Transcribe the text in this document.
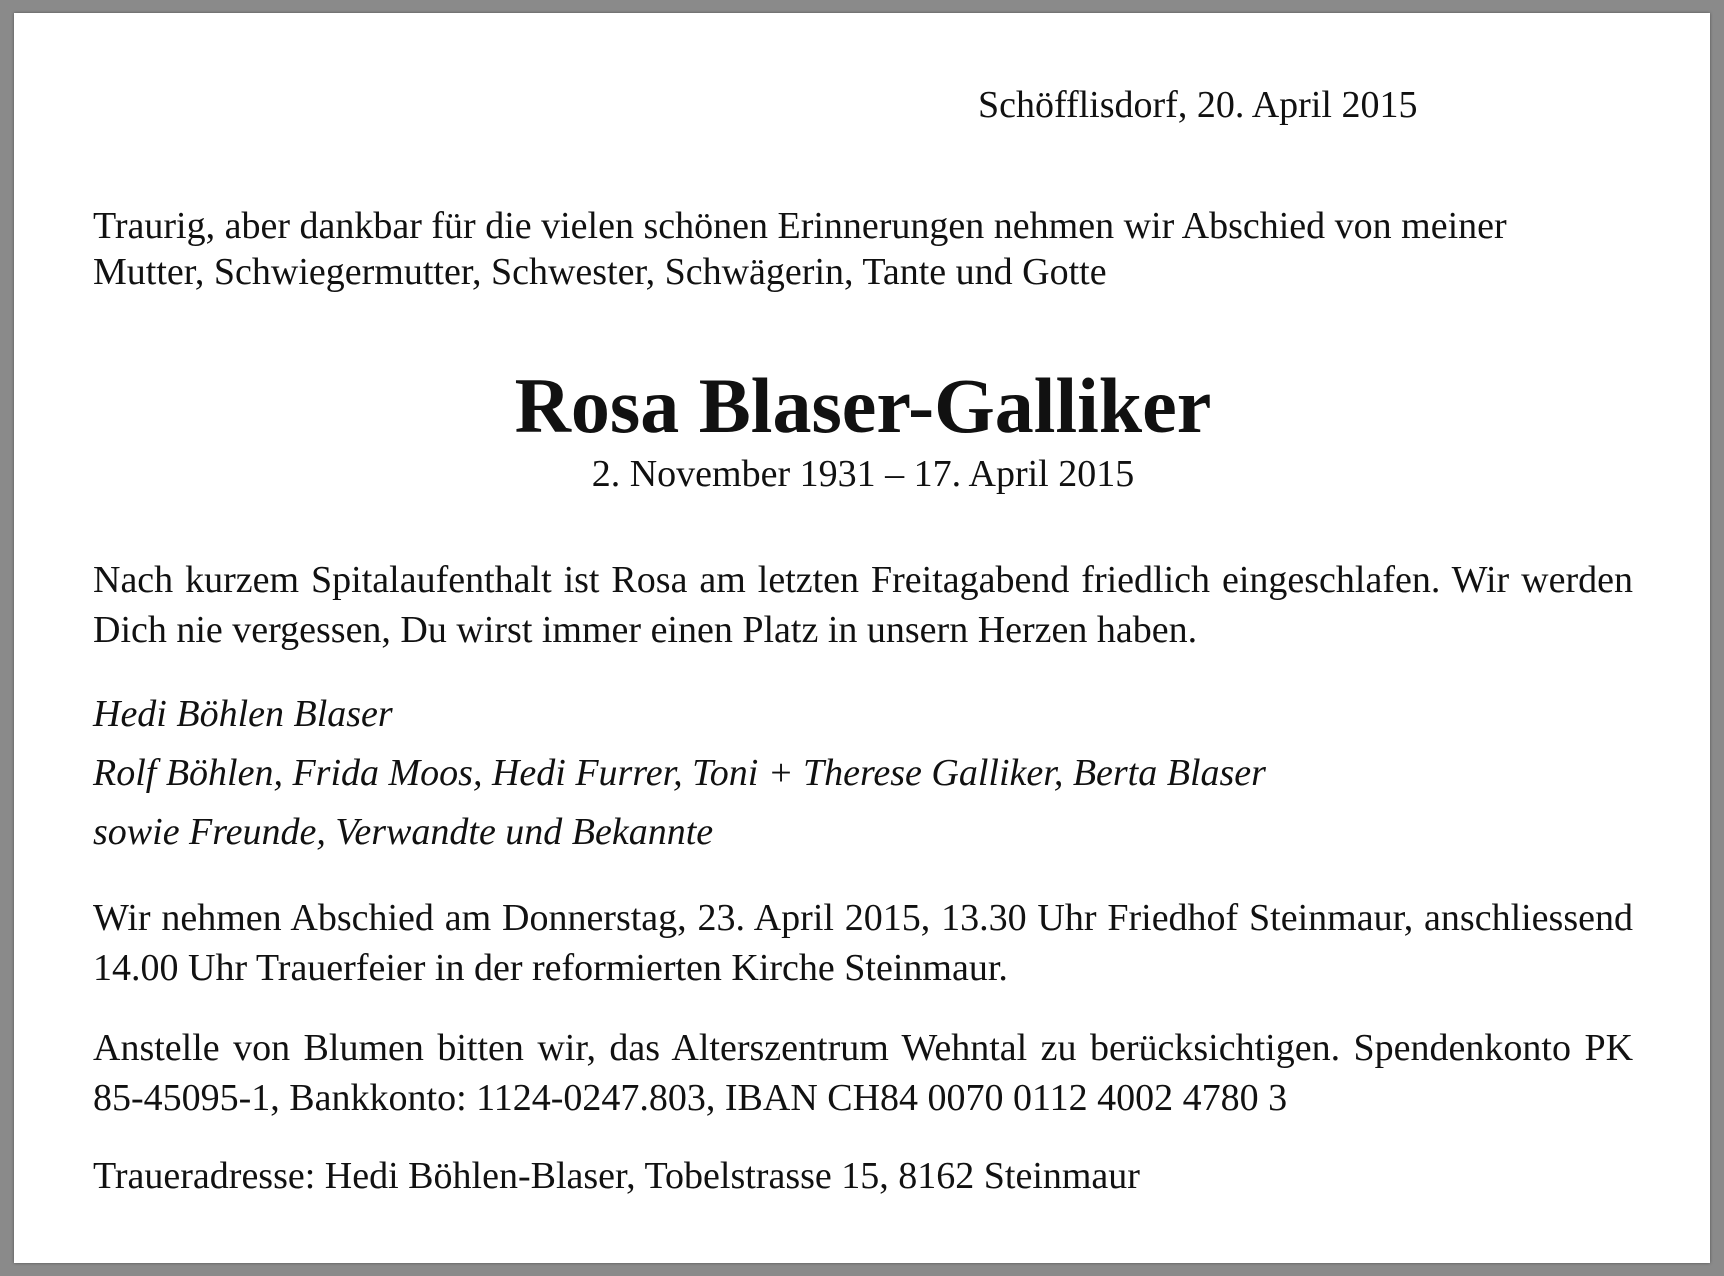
Schöfflisdorf, 20. April 2015
Traurig, aber dankbar für die vielen schönen Erinnerungen nehmen wir Abschied von meiner
Mutter, Schwiegermutter, Schwester, Schwägerin, Tante und Gotte
Rosa Blaser-Galliker
2. November 1931 – 17. April 2015
Nach kurzem Spitalaufenthalt ist Rosa am letzten Freitagabend friedlich eingeschlafen. Wir werden Dich nie vergessen, Du wirst immer einen Platz in unsern Herzen haben.
Hedi Böhlen Blaser
Rolf Böhlen, Frida Moos, Hedi Furrer, Toni + Therese Galliker, Berta Blaser
sowie Freunde, Verwandte und Bekannte
Wir nehmen Abschied am Donnerstag, 23. April 2015, 13.30 Uhr Friedhof Steinmaur, anschliessend 14.00 Uhr Trauerfeier in der reformierten Kirche Steinmaur.
Anstelle von Blumen bitten wir, das Alterszentrum Wehntal zu berücksichtigen. Spendenkonto PK 85-45095-1, Bankkonto: 1124-0247.803, IBAN CH84 0070 0112 4002 4780 3
Traueradresse: Hedi Böhlen-Blaser, Tobelstrasse 15, 8162 Steinmaur
